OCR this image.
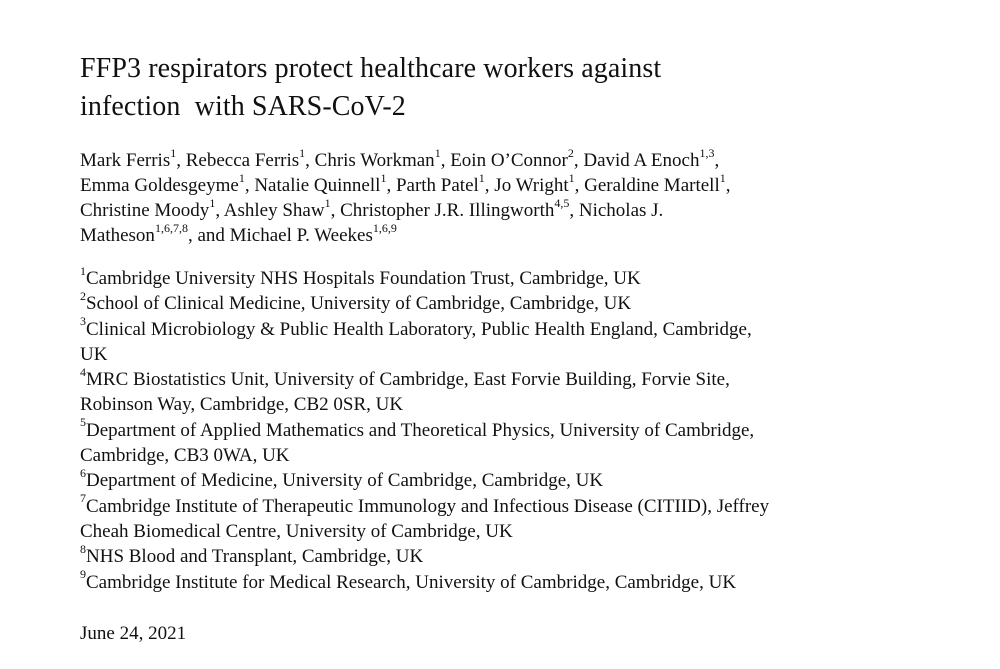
FFP3 respirators protect healthcare workers against
infection  with SARS-CoV-2
Mark Ferris$^1$, Rebecca Ferris$^1$, Chris Workman$^1$, Eoin O’Connor$^2$, David A Enoch$^{1,3}$,
Emma Goldesgeyme$^1$, Natalie Quinnell$^1$, Parth Patel$^1$, Jo Wright$^1$, Geraldine Martell$^1$,
Christine Moody$^1$, Ashley Shaw$^1$, Christopher J.R. Illingworth$^{4,5}$, Nicholas J.
Matheson$^{1,6,7,8}$, and Michael P. Weekes$^{1,6,9}$
$^1$Cambridge University NHS Hospitals Foundation Trust, Cambridge, UK
$^2$School of Clinical Medicine, University of Cambridge, Cambridge, UK
$^3$Clinical Microbiology & Public Health Laboratory, Public Health England, Cambridge,
UK
$^4$MRC Biostatistics Unit, University of Cambridge, East Forvie Building, Forvie Site,
Robinson Way, Cambridge, CB2 0SR, UK
$^5$Department of Applied Mathematics and Theoretical Physics, University of Cambridge,
Cambridge, CB3 0WA, UK
$^6$Department of Medicine, University of Cambridge, Cambridge, UK
$^7$Cambridge Institute of Therapeutic Immunology and Infectious Disease (CITIID), Jeffrey
Cheah Biomedical Centre, University of Cambridge, UK
$^8$NHS Blood and Transplant, Cambridge, UK
$^9$Cambridge Institute for Medical Research, University of Cambridge, Cambridge, UK
June 24, 2021
